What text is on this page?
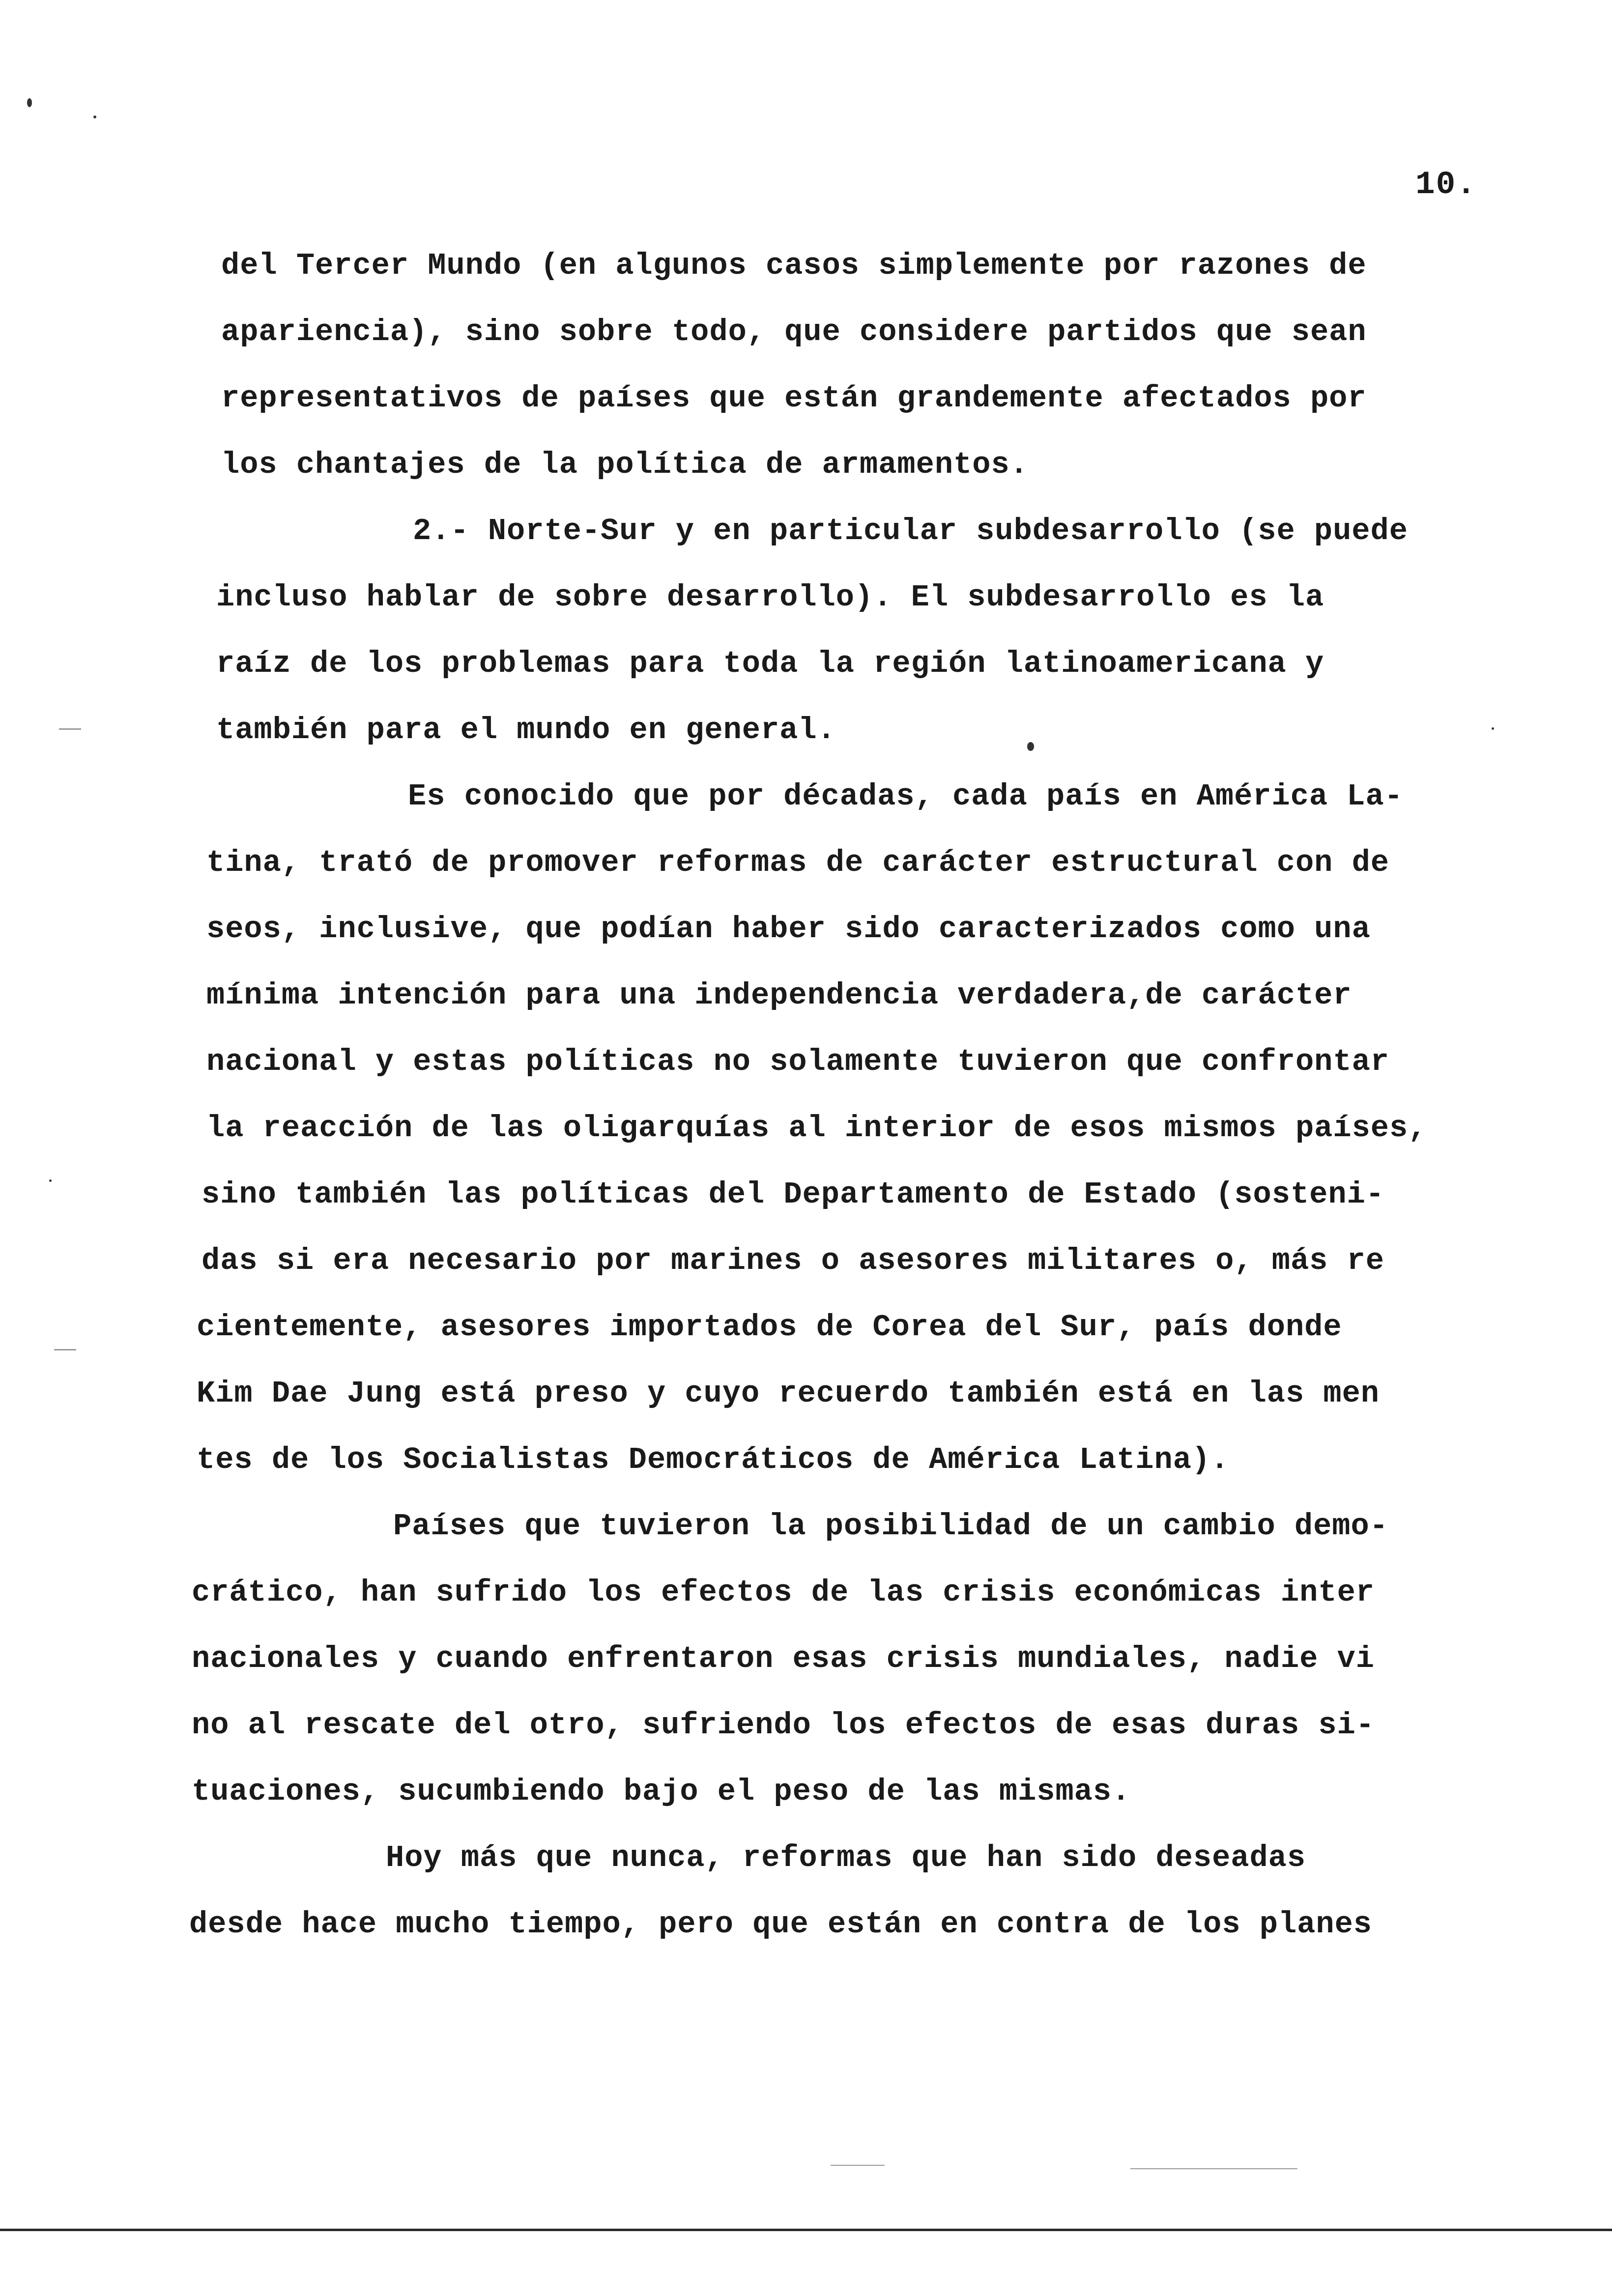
10.
del Tercer Mundo (en algunos casos simplemente por razones de
apariencia), sino sobre todo, que considere partidos que sean
representativos de países que están grandemente afectados por
los chantajes de la política de armamentos.
2.- Norte-Sur y en particular subdesarrollo (se puede
incluso hablar de sobre desarrollo). El subdesarrollo es la
raíz de los problemas para toda la región latinoamericana y
también para el mundo en general.
Es conocido que por décadas, cada país en América La-
tina, trató de promover reformas de carácter estructural con de
seos, inclusive, que podían haber sido caracterizados como una
mínima intención para una independencia verdadera,de carácter
nacional y estas políticas no solamente tuvieron que confrontar
la reacción de las oligarquías al interior de esos mismos países,
sino también las políticas del Departamento de Estado (sosteni-
das si era necesario por marines o asesores militares o, más re
cientemente, asesores importados de Corea del Sur, país donde
Kim Dae Jung está preso y cuyo recuerdo también está en las men
tes de los Socialistas Democráticos de América Latina).
Países que tuvieron la posibilidad de un cambio demo-
crático, han sufrido los efectos de las crisis económicas inter
nacionales y cuando enfrentaron esas crisis mundiales, nadie vi
no al rescate del otro, sufriendo los efectos de esas duras si-
tuaciones, sucumbiendo bajo el peso de las mismas.
Hoy más que nunca, reformas que han sido deseadas
desde hace mucho tiempo, pero que están en contra de los planes
